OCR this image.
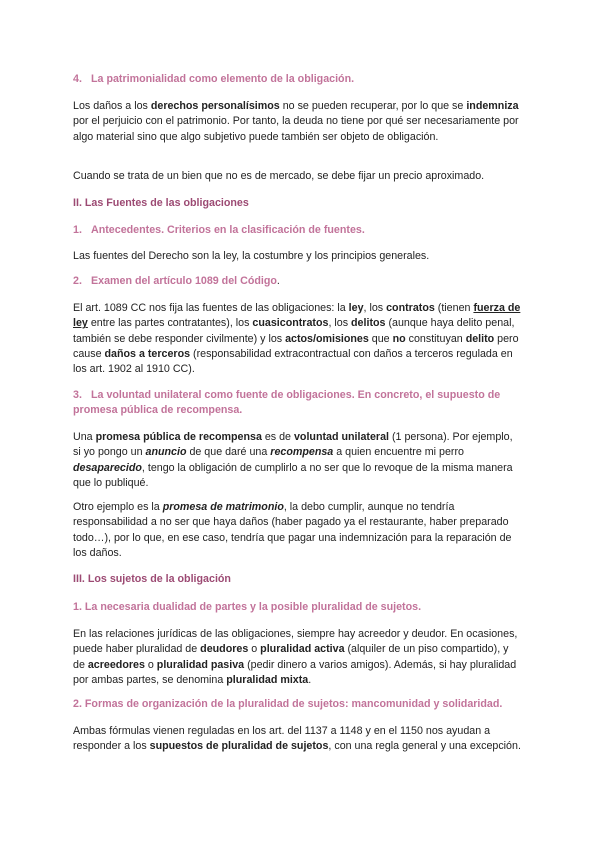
4. La patrimonialidad como elemento de la obligación.

Los daños a los derechos personalísimos no se pueden recuperar, por lo que se indemniza por el perjuicio con el patrimonio. Por tanto, la deuda no tiene por qué ser necesariamente por algo material sino que algo subjetivo puede también ser objeto de obligación.

Cuando se trata de un bien que no es de mercado, se debe fijar un precio aproximado.

II. Las Fuentes de las obligaciones

1. Antecedentes. Criterios en la clasificación de fuentes.

Las fuentes del Derecho son la ley, la costumbre y los principios generales.

2. Examen del artículo 1089 del Código.

El art. 1089 CC nos fija las fuentes de las obligaciones: la ley, los contratos (tienen fuerza de ley entre las partes contratantes), los cuasicontratos, los delitos (aunque haya delito penal, también se debe responder civilmente) y los actos/omisiones que no constituyan delito pero cause daños a terceros (responsabilidad extracontractual con daños a terceros regulada en los art. 1902 al 1910 CC).

3. La voluntad unilateral como fuente de obligaciones. En concreto, el supuesto de promesa pública de recompensa.

Una promesa pública de recompensa es de voluntad unilateral (1 persona). Por ejemplo, si yo pongo un anuncio de que daré una recompensa a quien encuentre mi perro desaparecido, tengo la obligación de cumplirlo a no ser que lo revoque de la misma manera que lo publiqué.

Otro ejemplo es la promesa de matrimonio, la debo cumplir, aunque no tendría responsabilidad a no ser que haya daños (haber pagado ya el restaurante, haber preparado todo…), por lo que, en ese caso, tendría que pagar una indemnización para la reparación de los daños.

III. Los sujetos de la obligación

1. La necesaria dualidad de partes y la posible pluralidad de sujetos.

En las relaciones jurídicas de las obligaciones, siempre hay acreedor y deudor. En ocasiones, puede haber pluralidad de deudores o pluralidad activa (alquiler de un piso compartido), y de acreedores o pluralidad pasiva (pedir dinero a varios amigos). Además, si hay pluralidad por ambas partes, se denomina pluralidad mixta.

2. Formas de organización de la pluralidad de sujetos: mancomunidad y solidaridad.

Ambas fórmulas vienen reguladas en los art. del 1137 a 1148 y en el 1150 nos ayudan a responder a los supuestos de pluralidad de sujetos, con una regla general y una excepción.
